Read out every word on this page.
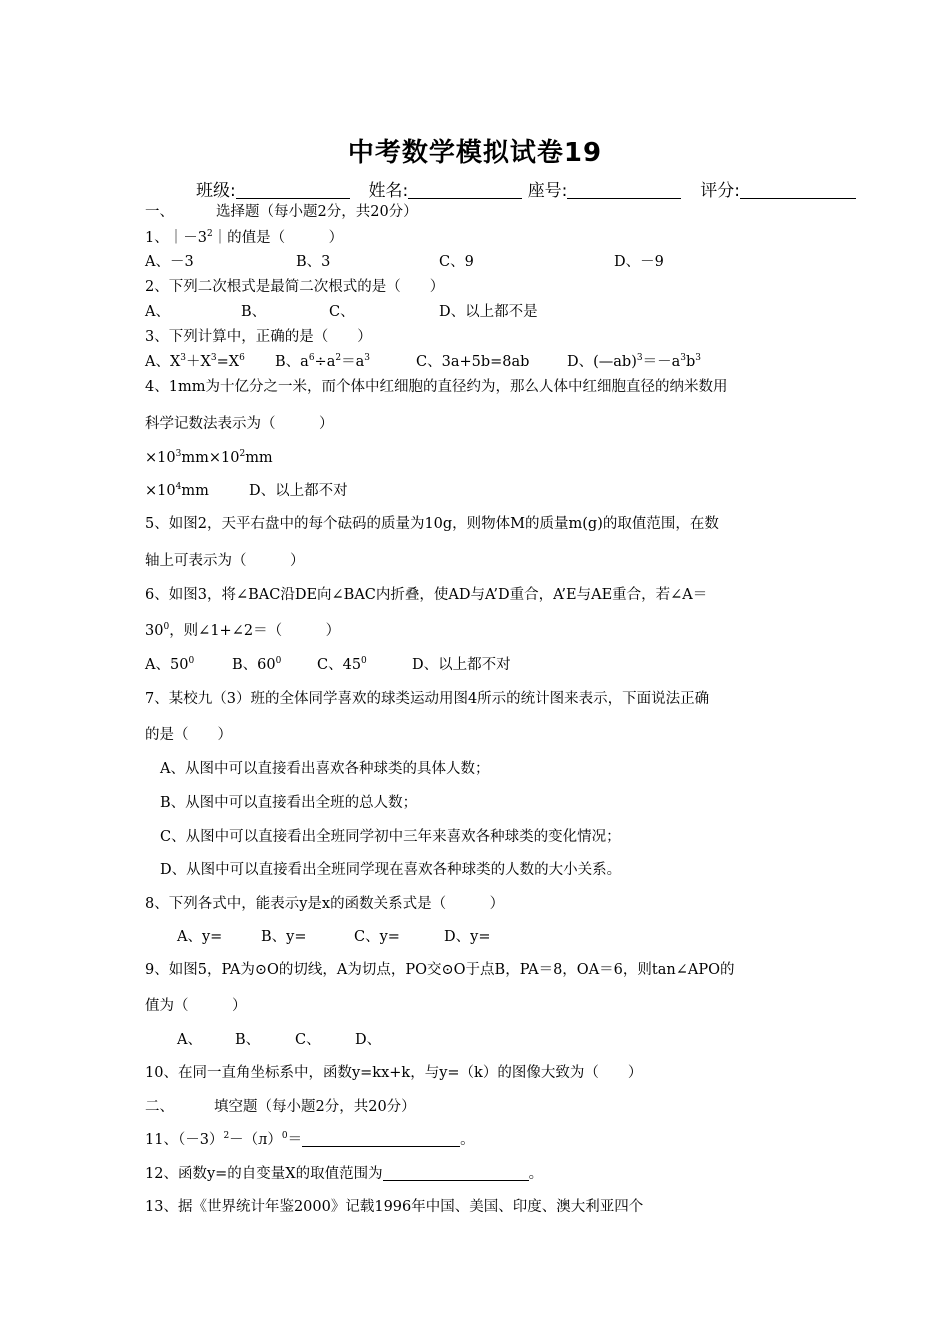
中考数学模拟试卷19
班级:	姓名:	座号:	评分:
一、	选择题（每小题2分，共20分）
1、$|-3^2|$的值是（　　　）
A、－3	B、3	C、9	D、－9
2、下列二次根式是最简二次根式的是（　　）
A、	B、	C、	D、以上都不是
3、下列计算中，正确的是（　　）
A、$X^3+X^3=X^6$ B、$a^6\div a^2=a^3$	C、3a+5b=8ab	D、$(—ab)^3=-a^3b^3$
4、1mm为十亿分之一米，而个体中红细胞的直径约为，那么人体中红细胞直径的纳米数用
科学记数法表示为（　　　）
$\times 10^3mm\times 10^2mm$
$\times 10^4mm$	D、以上都不对
5、如图2，天平右盘中的每个砝码的质量为10g，则物体M的质量m(g)的取值范围，在数
轴上可表示为（　　　）
6、如图3，将∠BAC沿DE向∠BAC内折叠，使AD与A’D重合，A’E与AE重合，若∠A＝
$30^0$，则∠1+∠2＝（　　　）
A、$50^0$	B、$60^0$ C、$45^0$	D、以上都不对
7、某校九（3）班的全体同学喜欢的球类运动用图4所示的统计图来表示，下面说法正确
的是（　　）
A、从图中可以直接看出喜欢各种球类的具体人数；
B、从图中可以直接看出全班的总人数；
C、从图中可以直接看出全班同学初中三年来喜欢各种球类的变化情况；
D、从图中可以直接看出全班同学现在喜欢各种球类的人数的大小关系。
8、下列各式中，能表示y是x的函数关系式是（　　　）
A、y=	B、y=	C、y=	D、y=
9、如图5，PA为⊙O的切线，A为切点，PO交⊙O于点B，PA＝8，OA＝6，则tan∠APO的
值为（　　　）
A、 B、 C、 D、
10、在同一直角坐标系中，函数y=kx+k，与y=（k）的图像大致为（　　）
二、	填空题（每小题2分，共20分）
11、$(-3)^2-(л)^0=$	。
12、函数y=的自变量X的取值范围为	。
13、据《世界统计年鉴2000》记载1996年中国、美国、印度、澳大利亚四个
